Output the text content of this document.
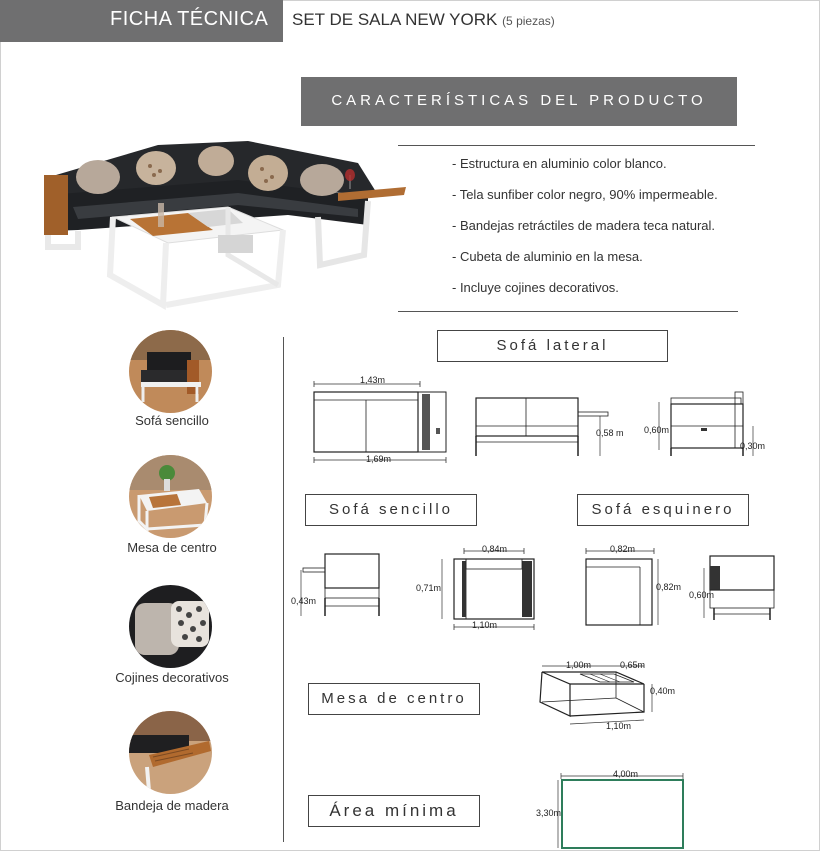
FICHA TÉCNICA SET DE SALA NEW YORK (5 piezas)
CARACTERÍSTICAS DEL PRODUCTO
- Estructura en aluminio color blanco.
- Tela sunfiber color negro, 90% impermeable.
- Bandejas retráctiles de madera teca natural.
- Cubeta de aluminio en la mesa.
- Incluye cojines decorativos.
Sofá sencillo
Mesa de centro
Cojines decorativos
Bandeja de madera
Sofá lateral
Sofá sencillo	Sofá esquinero
Mesa de centro
Área mínima
1,43m
1,69m
0,58 m 0,60m
0,30m
0,43m
0,84m
0,71m
1,10m
0,82m
0,82m
0,60m
1,00m	0,65m
0,40m
1,10m
4,00m
3,30m
